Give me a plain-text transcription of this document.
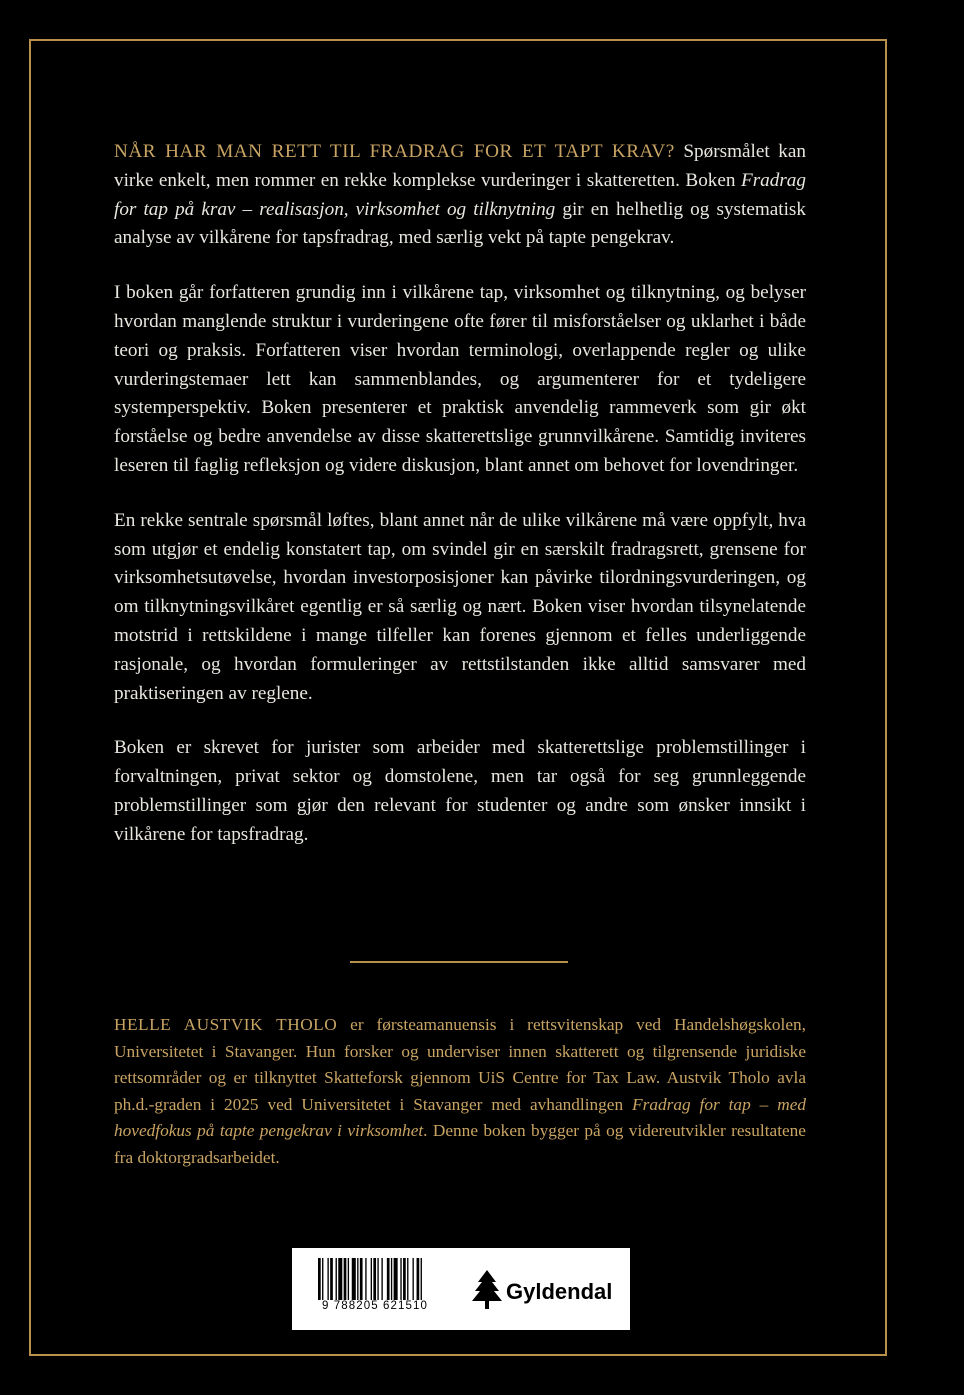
NÅR HAR MAN RETT TIL FRADRAG FOR ET TAPT KRAV? Spørsmålet kan virke enkelt, men rommer en rekke komplekse vurderinger i skatteretten. Boken Fradrag for tap på krav – realisasjon, virksomhet og tilknytning gir en helhetlig og systematisk analyse av vilkårene for tapsfradrag, med særlig vekt på tapte pengekrav.

I boken går forfatteren grundig inn i vilkårene tap, virksomhet og tilknytning, og belyser hvordan manglende struktur i vurderingene ofte fører til misforståelser og uklarhet i både teori og praksis. Forfatteren viser hvordan terminologi, overlappende regler og ulike vurderingstemaer lett kan sammenblandes, og argumenterer for et tydeligere systemperspektiv. Boken presenterer et praktisk anvendelig rammeverk som gir økt forståelse og bedre anvendelse av disse skatterettslige grunnvilkårene. Samtidig inviteres leseren til faglig refleksjon og videre diskusjon, blant annet om behovet for lovendringer.

En rekke sentrale spørsmål løftes, blant annet når de ulike vilkårene må være oppfylt, hva som utgjør et endelig konstatert tap, om svindel gir en særskilt fradragsrett, grensene for virksomhetsutøvelse, hvordan investorposisjoner kan påvirke tilordningsvurderingen, og om tilknytningsvilkåret egentlig er så særlig og nært. Boken viser hvordan tilsynelatende motstrid i rettskildene i mange tilfeller kan forenes gjennom et felles underliggende rasjonale, og hvordan formuleringer av rettstilstanden ikke alltid samsvarer med praktiseringen av reglene.

Boken er skrevet for jurister som arbeider med skatterettslige problemstillinger i forvaltningen, privat sektor og domstolene, men tar også for seg grunnleggende problemstillinger som gjør den relevant for studenter og andre som ønsker innsikt i vilkårene for tapsfradrag.

HELLE AUSTVIK THOLO er førsteamanuensis i rettsvitenskap ved Handelshøgskolen, Universitetet i Stavanger. Hun forsker og underviser innen skatterett og tilgrensende juridiske rettsområder og er tilknyttet Skatteforsk gjennom UiS Centre for Tax Law. Austvik Tholo avla ph.d.-graden i 2025 ved Universitetet i Stavanger med avhandlingen Fradrag for tap – med hovedfokus på tapte pengekrav i virksomhet. Denne boken bygger på og videreutvikler resultatene fra doktorgradsarbeidet.

9 788205 621510
Gyldendal
